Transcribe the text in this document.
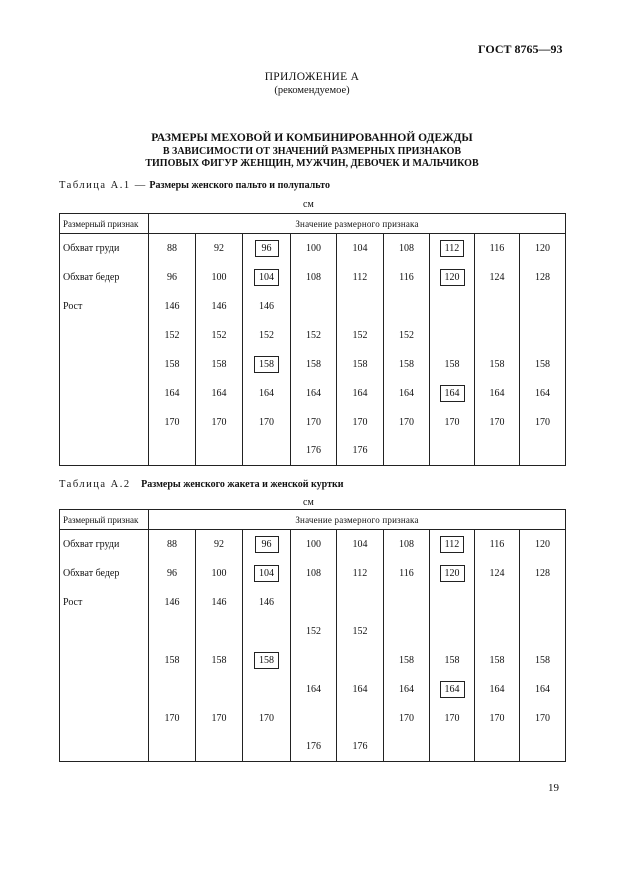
ГОСТ 8765—93
ПРИЛОЖЕНИЕ А
(рекомендуемое)
РАЗМЕРЫ МЕХОВОЙ И КОМБИНИРОВАННОЙ ОДЕЖДЫ
В ЗАВИСИМОСТИ ОТ ЗНАЧЕНИЙ РАЗМЕРНЫХ ПРИЗНАКОВ
ТИПОВЫХ ФИГУР ЖЕНЩИН, МУЖЧИН, ДЕВОЧЕК И МАЛЬЧИКОВ
Таблица А.1 — Размеры женского пальто и полупальто
см
Размерный признак	Значение размерного признака								
Обхват груди	88	92	96	100	104	108	112	116	120
Обхват бедер	96	100	104	108	112	116	120	124	128
Рост	146	146	146						
	152	152	152	152	152	152			
	158	158	158	158	158	158	158	158	158
	164	164	164	164	164	164	164	164	164
	170	170	170	170	170	170	170	170	170
				176	176				
Таблица А.2 Размеры женского жакета и женской куртки
см
Размерный признак	Значение размерного признака								
Обхват груди	88	92	96	100	104	108	112	116	120
Обхват бедер	96	100	104	108	112	116	120	124	128
Рост	146	146	146						
				152	152				
	158	158	158			158	158	158	158
				164	164	164	164	164	164
	170	170	170			170	170	170	170
				176	176				
19
